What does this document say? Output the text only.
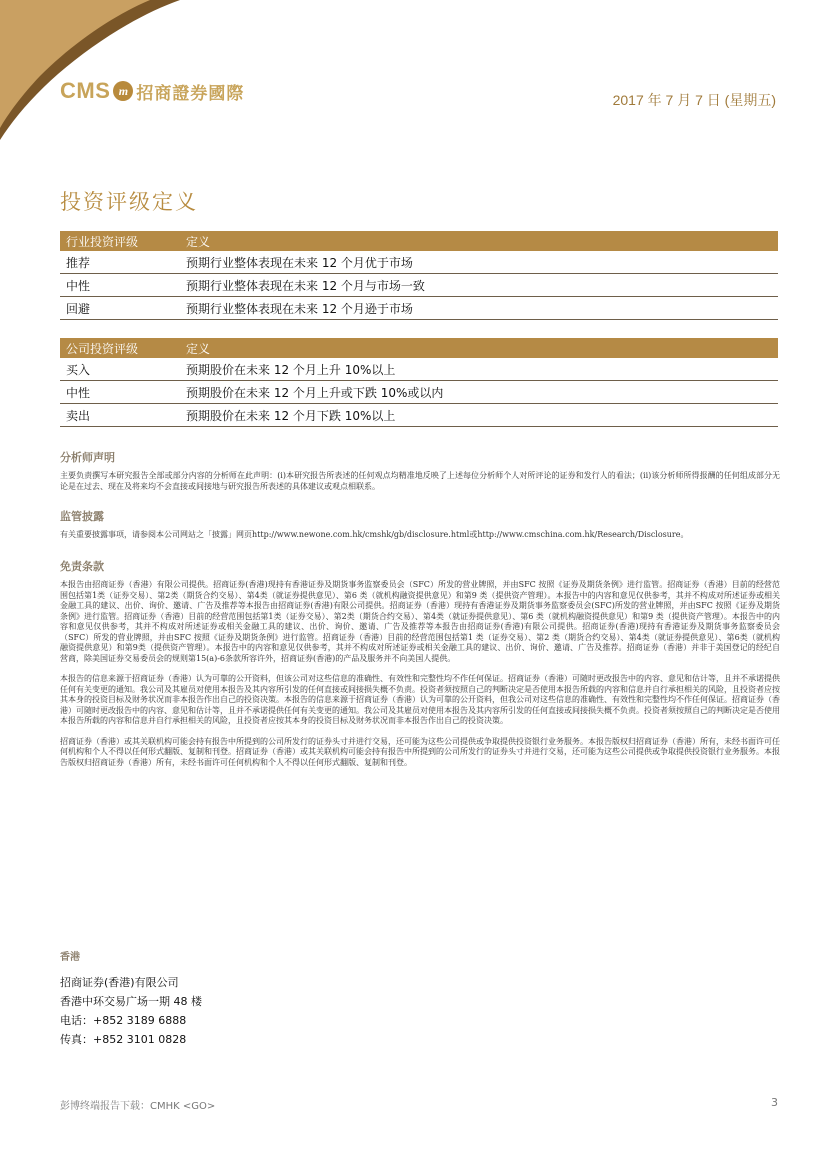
CMS m 招商證券國際	2017 年 7 月 7 日 (星期五)
投资评级定义
行业投资评级	定义
推荐	预期行业整体表现在未来 12 个月优于市场
中性	预期行业整体表现在未来 12 个月与市场一致
回避	预期行业整体表现在未来 12 个月逊于市场
公司投资评级	定义
买入	预期股价在未来 12 个月上升 10%以上
中性	预期股价在未来 12 个月上升或下跌 10%或以内
卖出	预期股价在未来 12 个月下跌 10%以上
分析师声明

主要负责撰写本研究报告全部或部分内容的分析师在此声明：(i)本研究报告所表述的任何观点均精准地反映了上述每位分析师个人对所评论的证券和发行人的看法；(ii)该分析师所得报酬的任何组成部分无论是在过去、现在及将来均不会直接或间接地与研究报告所表述的具体建议或观点相联系。

监管披露

有关重要披露事项，请参阅本公司网站之「披露」网页http://www.newone.com.hk/cmshk/gb/disclosure.html或http://www.cmschina.com.hk/Research/Disclosure。

免责条款

本报告由招商证券（香港）有限公司提供。招商证券(香港)现持有香港证券及期货事务监察委员会（SFC）所发的营业牌照，并由SFC 按照《证券及期货条例》进行监管。招商证券（香港）目前的经营范围包括第1类（证券交易）、第2类（期货合约交易）、第4类（就证券提供意见）、第6 类（就机构融资提供意见）和第9 类（提供资产管理）。本报告中的内容和意见仅供参考，其并不构成对所述证券或相关金融工具的建议、出价、询价、邀请、广告及推荐等本报告由招商证券(香港)有限公司提供。招商证券（香港）现持有香港证券及期货事务监察委员会(SFC)所发的营业牌照，并由SFC 按照《证券及期货条例》进行监管。招商证券（香港）目前的经营范围包括第1类（证券交易）、第2类（期货合约交易）、第4类（就证券提供意见）、第6 类（就机构融资提供意见）和第9 类（提供资产管理）。本报告中的内容和意见仅供参考，其并不构成对所述证券或相关金融工具的建议、出价、询价、邀请、广告及推荐等本报告由招商证券(香港)有限公司提供。招商证券(香港)现持有香港证券及期货事务监察委员会（SFC）所发的营业牌照，并由SFC 按照《证券及期货条例》进行监管。招商证券（香港）目前的经营范围包括第1 类（证券交易）、第2 类（期货合约交易）、第4类（就证券提供意见）、第6类（就机构融资提供意见）和第9类（提供资产管理）。本报告中的内容和意见仅供参考，其并不构成对所述证券或相关金融工具的建议、出价、询价、邀请、广告及推荐。招商证券（香港）并非于美国登记的经纪自营商，除美国证券交易委员会的规则第15(a)-6条款所容许外，招商证券(香港)的产品及服务并不向美国人提供。

本报告的信息来源于招商证券（香港）认为可靠的公开资料，但该公司对这些信息的准确性、有效性和完整性均不作任何保证。招商证券（香港）可随时更改报告中的内容、意见和估计等，且并不承诺提供任何有关变更的通知。我公司及其雇员对使用本报告及其内容所引发的任何直接或间接损失概不负责。投资者须按照自己的判断决定是否使用本报告所载的内容和信息并自行承担相关的风险，且投资者应按其本身的投资目标及财务状况而非本报告作出自己的投资决策。本报告的信息来源于招商证券（香港）认为可靠的公开资料，但我公司对这些信息的准确性、有效性和完整性均不作任何保证。招商证券（香港）可随时更改报告中的内容、意见和估计等，且并不承诺提供任何有关变更的通知。我公司及其雇员对使用本报告及其内容所引发的任何直接或间接损失概不负责。投资者须按照自己的判断决定是否使用本报告所载的内容和信息并自行承担相关的风险，且投资者应按其本身的投资目标及财务状况而非本报告作出自己的投资决策。

招商证券（香港）或其关联机构可能会持有报告中所提到的公司所发行的证券头寸并进行交易，还可能为这些公司提供或争取提供投资银行业务服务。本报告版权归招商证券（香港）所有，未经书面许可任何机构和个人不得以任何形式翻版、复制和刊登。招商证券（香港）或其关联机构可能会持有报告中所提到的公司所发行的证券头寸并进行交易，还可能为这些公司提供或争取提供投资银行业务服务。本报告版权归招商证券（香港）所有，未经书面许可任何机构和个人不得以任何形式翻版、复制和刊登。

香港
招商证券(香港)有限公司
香港中环交易广场一期 48 楼
电话：+852 3189 6888
传真：+852 3101 0828
彭博终端报告下载：CMHK <GO>	3
